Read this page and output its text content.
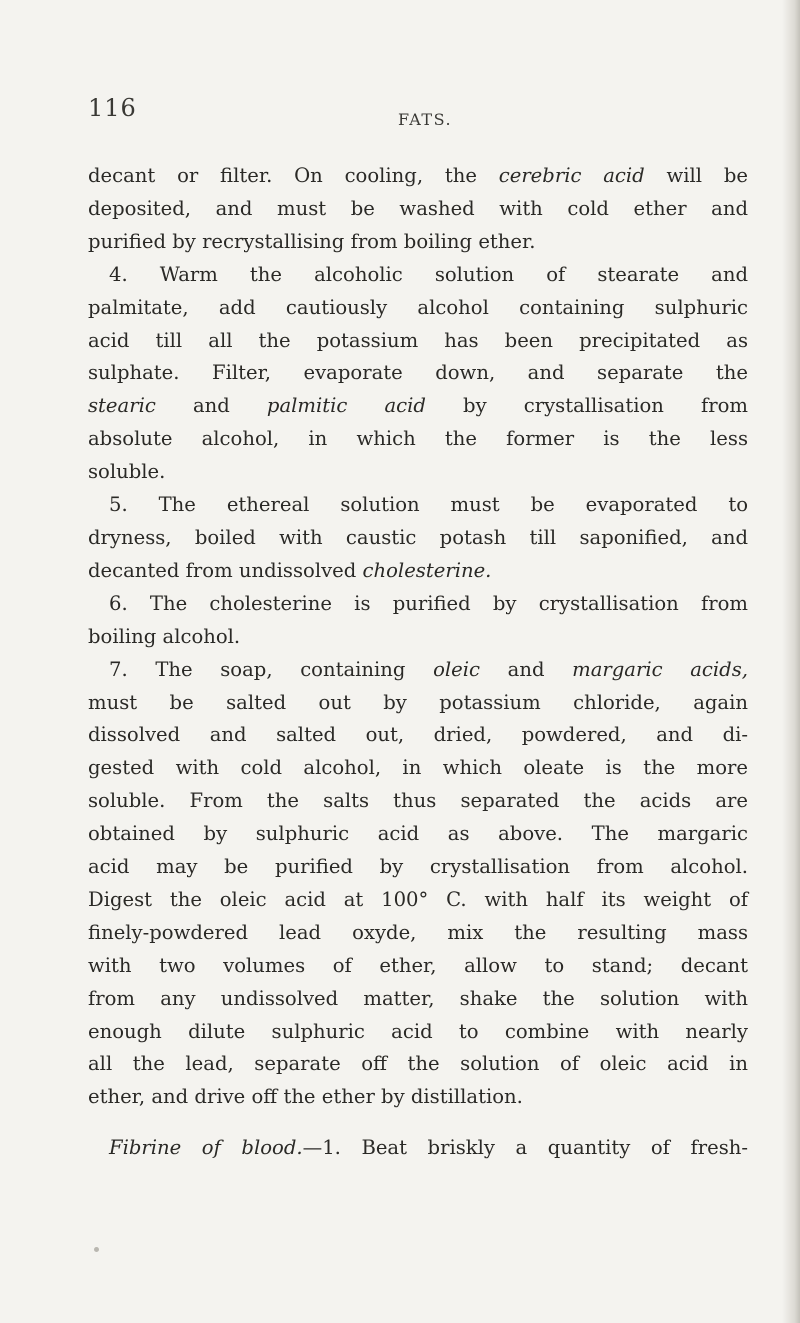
116	FATS.
decant or filter. On cooling, the cerebric acid will be
deposited, and must be washed with cold ether and
purified by recrystallising from boiling ether.
4. Warm the alcoholic solution of stearate and
palmitate, add cautiously alcohol containing sulphuric
acid till all the potassium has been precipitated as
sulphate. Filter, evaporate down, and separate the
stearic and palmitic acid by crystallisation from
absolute alcohol, in which the former is the less
soluble.
5. The ethereal solution must be evaporated to
dryness, boiled with caustic potash till saponified, and
decanted from undissolved cholesterine.
6. The cholesterine is purified by crystallisation from
boiling alcohol.
7. The soap, containing oleic and margaric acids,
must be salted out by potassium chloride, again
dissolved and salted out, dried, powdered, and di-
gested with cold alcohol, in which oleate is the more
soluble. From the salts thus separated the acids are
obtained by sulphuric acid as above. The margaric
acid may be purified by crystallisation from alcohol.
Digest the oleic acid at 100° C. with half its weight of
finely-powdered lead oxyde, mix the resulting mass
with two volumes of ether, allow to stand; decant
from any undissolved matter, shake the solution with
enough dilute sulphuric acid to combine with nearly
all the lead, separate off the solution of oleic acid in
ether, and drive off the ether by distillation.
Fibrine of blood.—1. Beat briskly a quantity of fresh-
